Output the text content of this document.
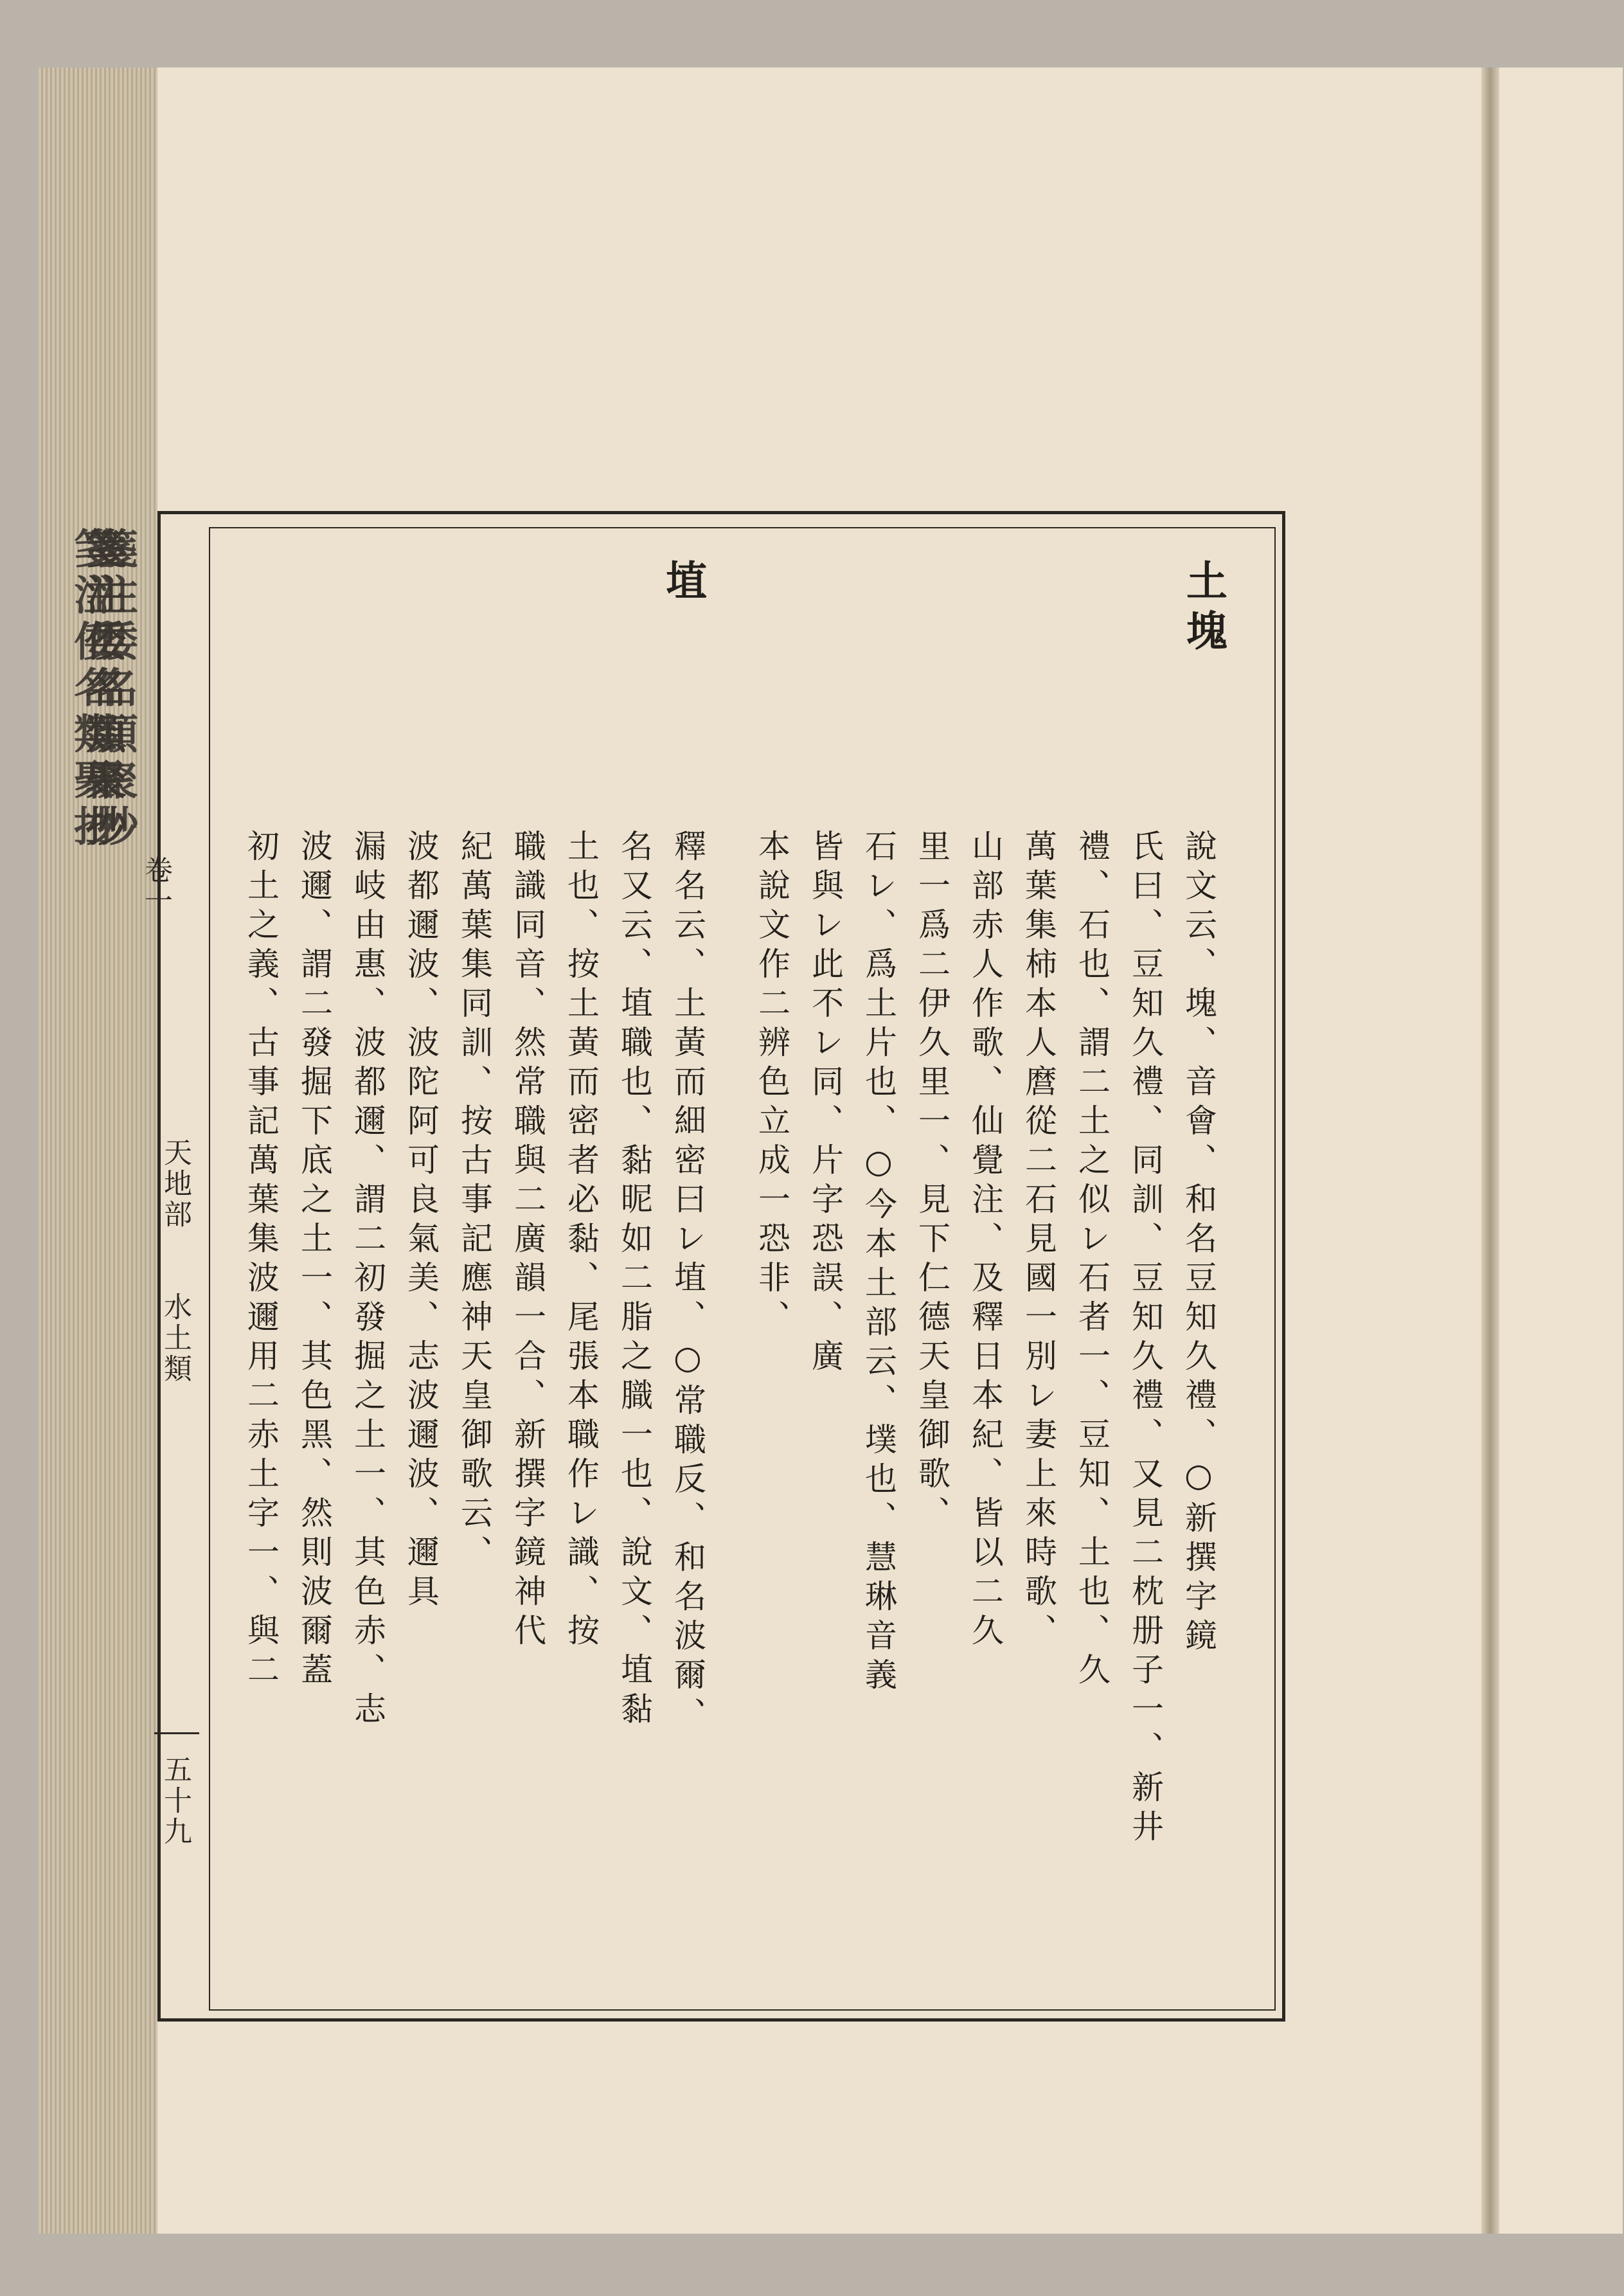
箋注倭名類聚抄
卷一
天地部
水土類
五十九
土塊
說文云、塊、音會、和名豆知久禮、○新撰字鏡
氏曰、豆知久禮、同訓、豆知久禮、又見二枕册子一、新井
禮、石也、謂二土之似レ石者一、豆知、土也、久
萬葉集柿本人麿從二石見國一別レ妻上來時歌、
山部赤人作歌、仙覺注、及釋日本紀、皆以二久
里一爲二伊久里一、見下仁德天皇御歌、
石レ、爲土片也、○今本土部云、墣也、慧琳音義
皆與レ此不レ同、片字恐誤、廣
本說文作二辨色立成一恐非、
埴
釋名云、土黃而細密曰レ埴、○常職反、和名波爾、
名又云、埴職也、黏昵如二脂之膱一也、說文、埴黏
土也、按土黃而密者必黏、尾張本職作レ識、按
職識同音、然常職與二廣韻一合、新撰字鏡神代
紀萬葉集同訓、按古事記應神天皇御歌云、
波都邇波、波陀阿可良氣美、志波邇波、邇具
漏岐由惠、波都邇、謂二初發掘之土一、其色赤、志
波邇、謂二發掘下底之土一、其色黑、然則波爾蓋
初土之義、古事記萬葉集波邇用二赤土字一、與二
